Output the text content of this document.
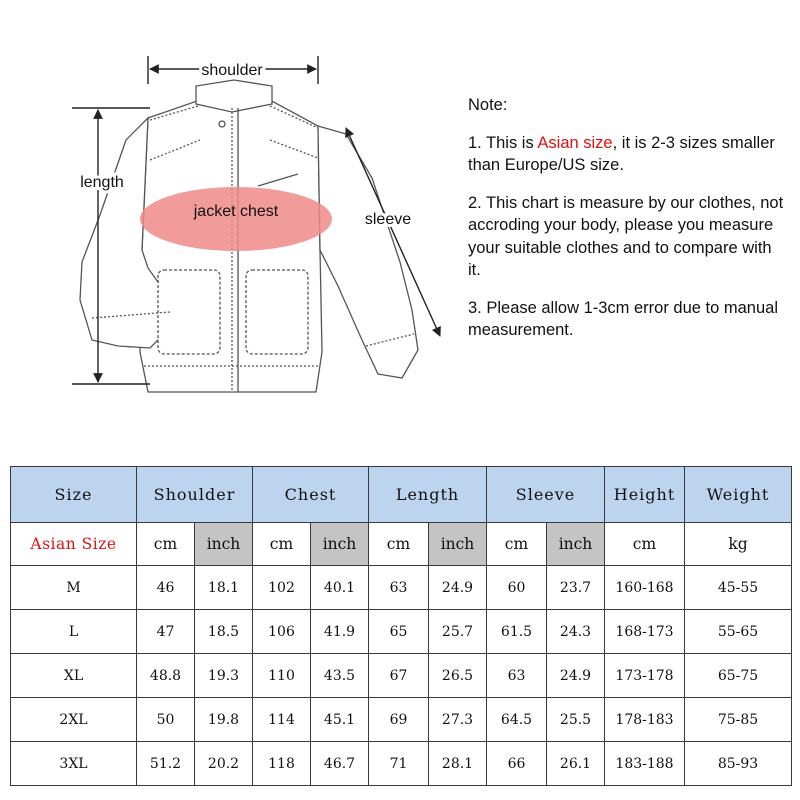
shoulder
length
jacket chest	sleeve

Note:

1. This is Asian size, it is 2-3 sizes smaller than Europe/US size.

2. This chart is measure by our clothes, not accroding your body, please you measure your suitable clothes and to compare with it.

3. Please allow 1-3cm error due to manual measurement.

Size	Shoulder		Chest		Length		Sleeve		Height	Weight
Asian Size	cm	inch	cm	inch	cm	inch	cm	inch	cm	kg
M	46	18.1	102	40.1	63	24.9	60	23.7	160-168	45-55
L	47	18.5	106	41.9	65	25.7	61.5	24.3	168-173	55-65
XL	48.8	19.3	110	43.5	67	26.5	63	24.9	173-178	65-75
2XL	50	19.8	114	45.1	69	27.3	64.5	25.5	178-183	75-85
3XL	51.2	20.2	118	46.7	71	28.1	66	26.1	183-188	85-93
